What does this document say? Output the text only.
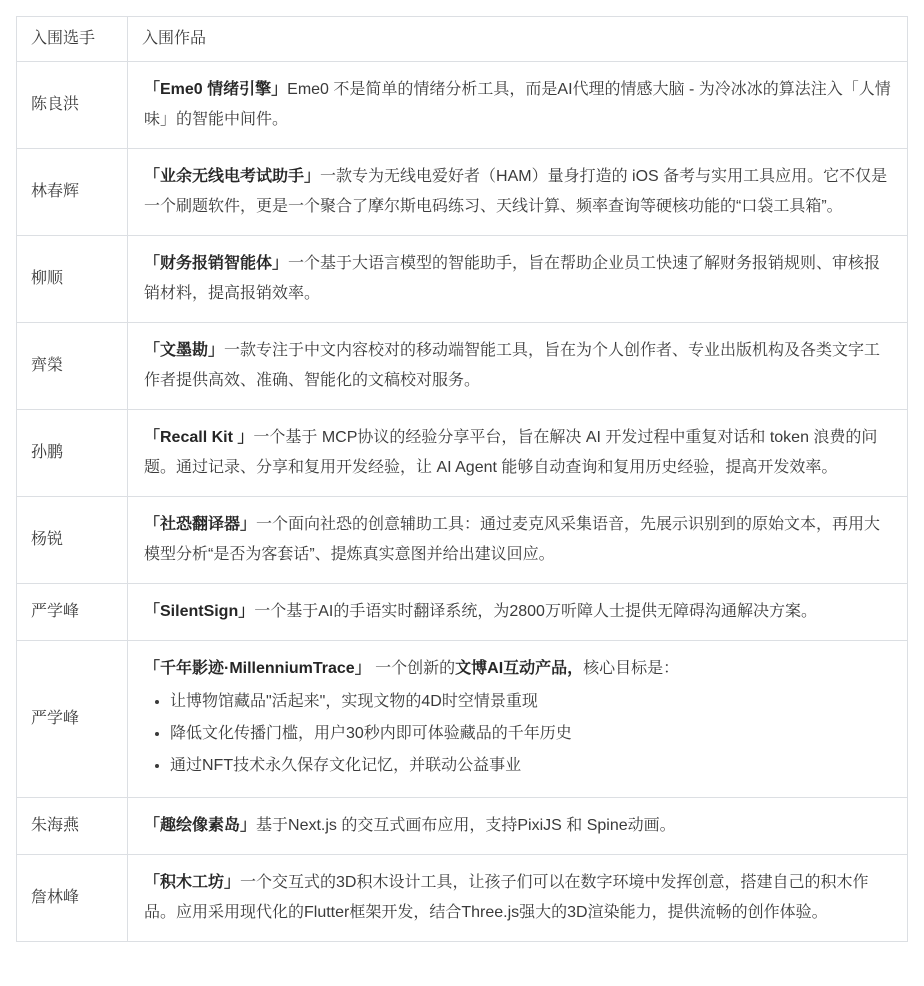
入围选手	入围作品
陈良洪	「Eme0 情绪引擎」Eme0 不是简单的情绪分析工具，而是AI代理的情感大脑 - 为冷冰冰的算法注入「人情味」的智能中间件。
林春辉	「业余无线电考试助手」一款专为无线电爱好者（HAM）量身打造的 iOS 备考与实用工具应用。它不仅是一个刷题软件，更是一个聚合了摩尔斯电码练习、天线计算、频率查询等硬核功能的“口袋工具箱”。
柳顺	「财务报销智能体」一个基于大语言模型的智能助手，旨在帮助企业员工快速了解财务报销规则、审核报销材料，提高报销效率。
齊榮	「文墨勘」一款专注于中文内容校对的移动端智能工具，旨在为个人创作者、专业出版机构及各类文字工作者提供高效、准确、智能化的文稿校对服务。
孙鹏	「Recall Kit 」一个基于 MCP协议的经验分享平台，旨在解决 AI 开发过程中重复对话和 token 浪费的问题。通过记录、分享和复用开发经验，让 AI Agent 能够自动查询和复用历史经验，提高开发效率。
杨锐	「社恐翻译器」一个面向社恐的创意辅助工具：通过麦克风采集语音，先展示识别到的原始文本，再用大模型分析“是否为客套话”、提炼真实意图并给出建议回应。
严学峰	「SilentSign」一个基于AI的手语实时翻译系统，为2800万听障人士提供无障碍沟通解决方案。
严学峰	「千年影迹·MillenniumTrace」 一个创新的文博AI互动产品，核心目标是：
• 让博物馆藏品"活起来"，实现文物的4D时空情景重现
• 降低文化传播门槛，用户30秒内即可体验藏品的千年历史
• 通过NFT技术永久保存文化记忆，并联动公益事业

朱海燕	「趣绘像素岛」基于Next.js 的交互式画布应用，支持PixiJS 和 Spine动画。
詹林峰	「积木工坊」一个交互式的3D积木设计工具，让孩子们可以在数字环境中发挥创意，搭建自己的积木作品。应用采用现代化的Flutter框架开发，结合Three.js强大的3D渲染能力，提供流畅的创作体验。
